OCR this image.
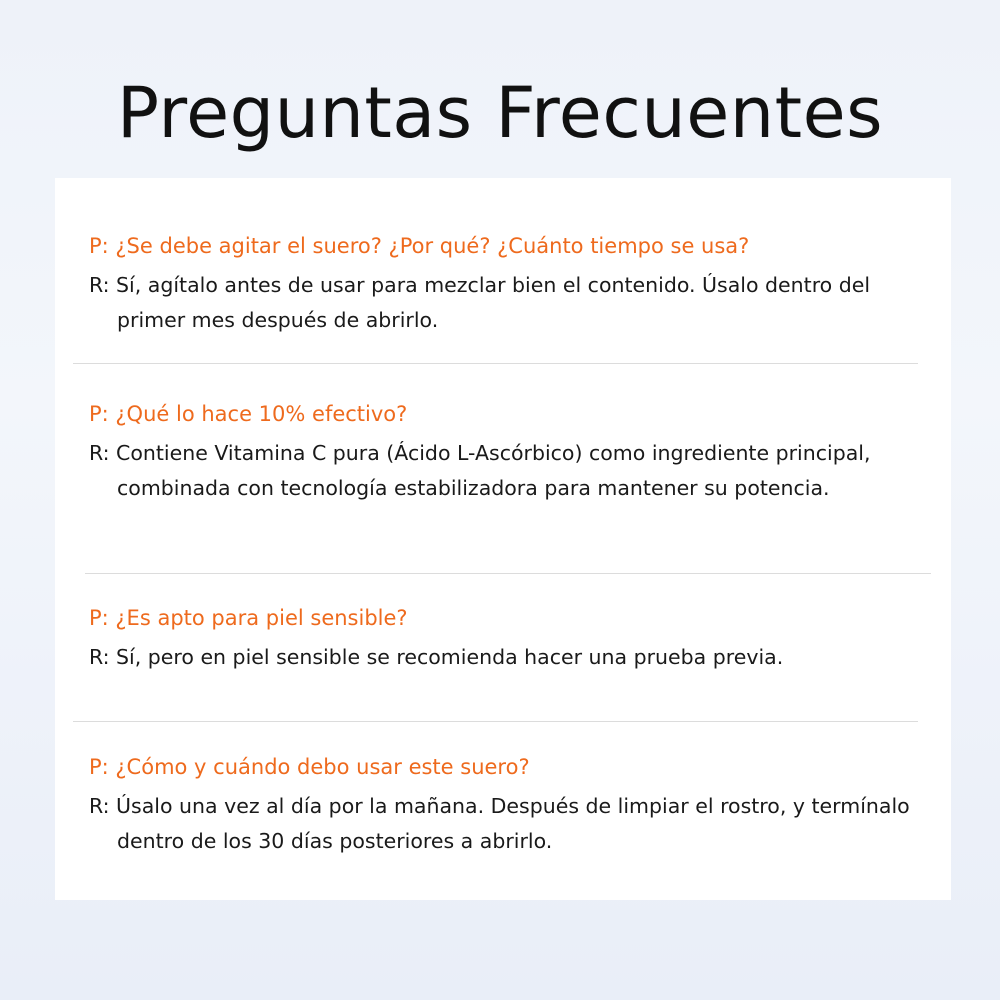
Preguntas Frecuentes

P: ¿Se debe agitar el suero? ¿Por qué? ¿Cuánto tiempo se usa?

R: Sí, agítalo antes de usar para mezclar bien el contenido. Úsalo dentro del primer mes después de abrirlo.

P: ¿Qué lo hace 10% efectivo?

R: Contiene Vitamina C pura (Ácido L-Ascórbico) como ingrediente principal, combinada con tecnología estabilizadora para mantener su potencia.

P: ¿Es apto para piel sensible?

R: Sí, pero en piel sensible se recomienda hacer una prueba previa.

P: ¿Cómo y cuándo debo usar este suero?

R: Úsalo una vez al día por la mañana. Después de limpiar el rostro, y termínalo dentro de los 30 días posteriores a abrirlo.
